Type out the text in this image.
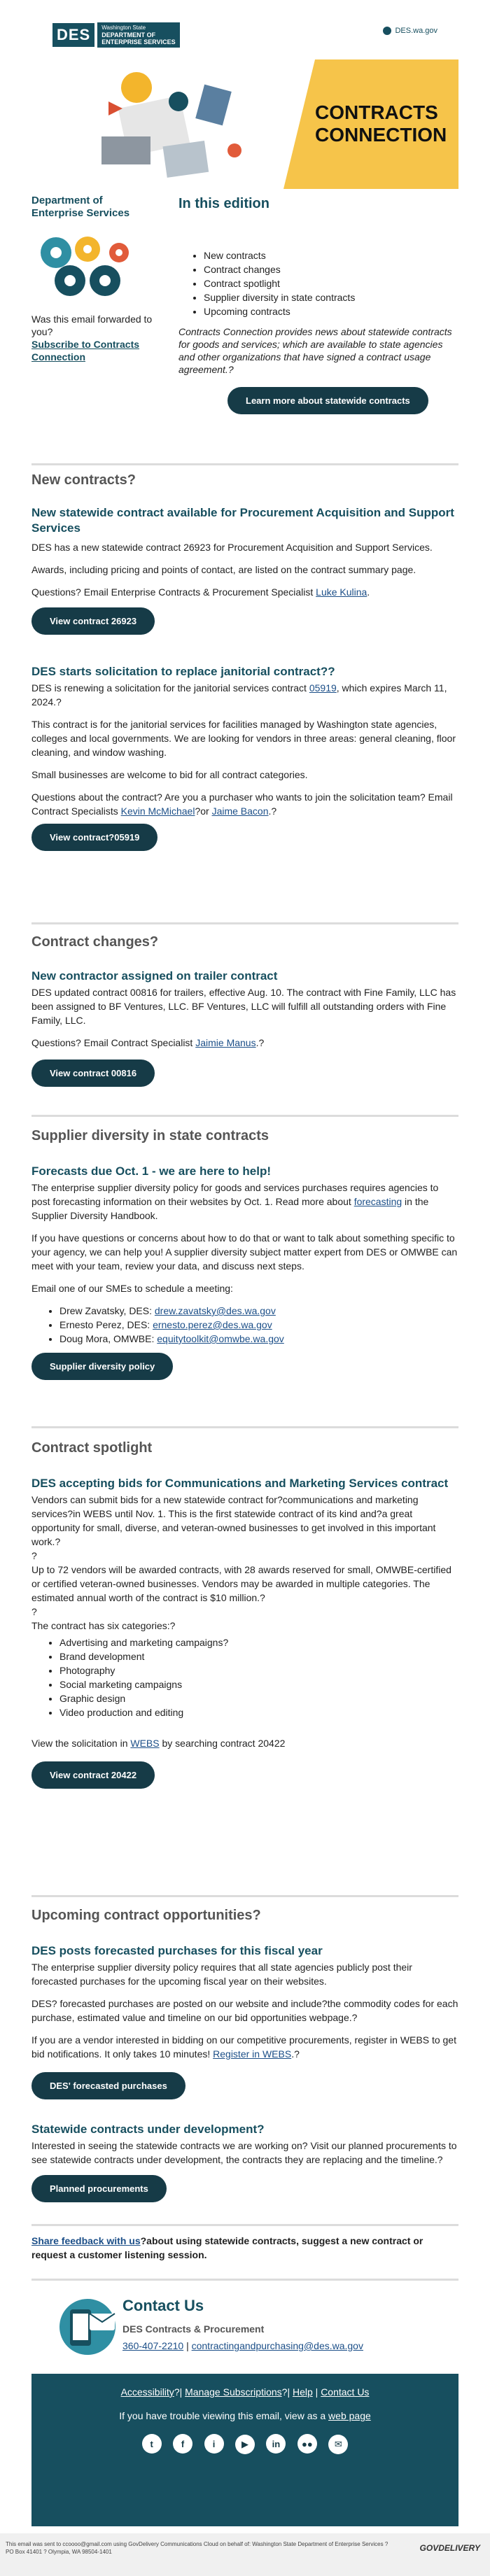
DES	Washington State
DEPARTMENT OF
ENTERPRISE SERVICES
DES.wa.gov
CONTRACTS
CONNECTION
Department of Enterprise Services
Was this email forwarded to you?
Subscribe to Contracts Connection
In this edition
• New contracts
• Contract changes
• Contract spotlight
• Supplier diversity in state contracts
• Upcoming contracts
Contracts Connection provides news about statewide contracts for goods and services; which are available to state agencies and other organizations that have signed a contract usage agreement.?
Learn more about statewide contracts
New contracts?
New statewide contract available for Procurement Acquisition and Support Services

DES has a new statewide contract 26923 for Procurement Acquisition and Support Services.

Awards, including pricing and points of contact, are listed on the contract summary page.

Questions? Email Enterprise Contracts & Procurement Specialist Luke Kulina.

View contract 26923
DES starts solicitation to replace janitorial contract??

DES is renewing a solicitation for the janitorial services contract 05919, which expires March 11, 2024.?

This contract is for the janitorial services for facilities managed by Washington state agencies, colleges and local governments. We are looking for vendors in three areas: general cleaning, floor cleaning, and window washing.

Small businesses are welcome to bid for all contract categories.

Questions about the contract? Are you a purchaser who wants to join the solicitation team? Email Contract Specialists Kevin McMichael?or Jaime Bacon.?

View contract?05919
Contract changes?
New contractor assigned on trailer contract

DES updated contract 00816 for trailers, effective Aug. 10. The contract with Fine Family, LLC has been assigned to BF Ventures, LLC. BF Ventures, LLC will fulfill all outstanding orders with Fine Family, LLC.

Questions? Email Contract Specialist Jaimie Manus.?

View contract 00816
Supplier diversity in state contracts
Forecasts due Oct. 1 - we are here to help!

The enterprise supplier diversity policy for goods and services purchases requires agencies to post forecasting information on their websites by Oct. 1. Read more about forecasting in the Supplier Diversity Handbook.

If you have questions or concerns about how to do that or want to talk about something specific to your agency, we can help you! A supplier diversity subject matter expert from DES or OMWBE can meet with your team, review your data, and discuss next steps.

Email one of our SMEs to schedule a meeting:

• Drew Zavatsky, DES: drew.zavatsky@des.wa.gov
• Ernesto Perez, DES: ernesto.perez@des.wa.gov
• Doug Mora, OMWBE: equitytoolkit@omwbe.wa.gov
Supplier diversity policy
Contract spotlight
DES accepting bids for Communications and Marketing Services contract

Vendors can submit bids for a new statewide contract for?communications and marketing services?in WEBS until Nov. 1. This is the first statewide contract of its kind and?a great opportunity for small, diverse, and veteran-owned businesses to get involved in this important work.?

?

Up to 72 vendors will be awarded contracts, with 28 awards reserved for small, OMWBE-certified or certified veteran-owned businesses. Vendors may be awarded in multiple categories. The estimated annual worth of the contract is $10 million.?

?

The contract has six categories:?

• Advertising and marketing campaigns?
• Brand development
• Photography
• Social marketing campaigns
• Graphic design
• Video production and editing

View the solicitation in WEBS by searching contract 20422

View contract 20422
Upcoming contract opportunities?
DES posts forecasted purchases for this fiscal year

The enterprise supplier diversity policy requires that all state agencies publicly post their forecasted purchases for the upcoming fiscal year on their websites.

DES? forecasted purchases are posted on our website and include?the commodity codes for each purchase, estimated value and timeline on our bid opportunities webpage.?

If you are a vendor interested in bidding on our competitive procurements, register in WEBS to get bid notifications. It only takes 10 minutes! Register in WEBS.?

DES' forecasted purchases
Statewide contracts under development?

Interested in seeing the statewide contracts we are working on? Visit our planned procurements to see statewide contracts under development, the contracts they are replacing and the timeline.?

Planned procurements

Share feedback with us?about using statewide contracts, suggest a new contract or request a customer listening session.

Contact Us
DES Contracts & Procurement
360-407-2210 | contractingandpurchasing@des.wa.gov
Accessibility?| Manage Subscriptions?| Help | Contact Us
If you have trouble viewing this email, view as a web page
t	f	i	▶	in ●● ✉
This email was sent to ccoooo@gmail.com using GovDelivery Communications Cloud on behalf of: Washington State Department of Enterprise Services ? PO Box 41401 ? Olympia, WA 98504-1401	GOVDELIVERY
